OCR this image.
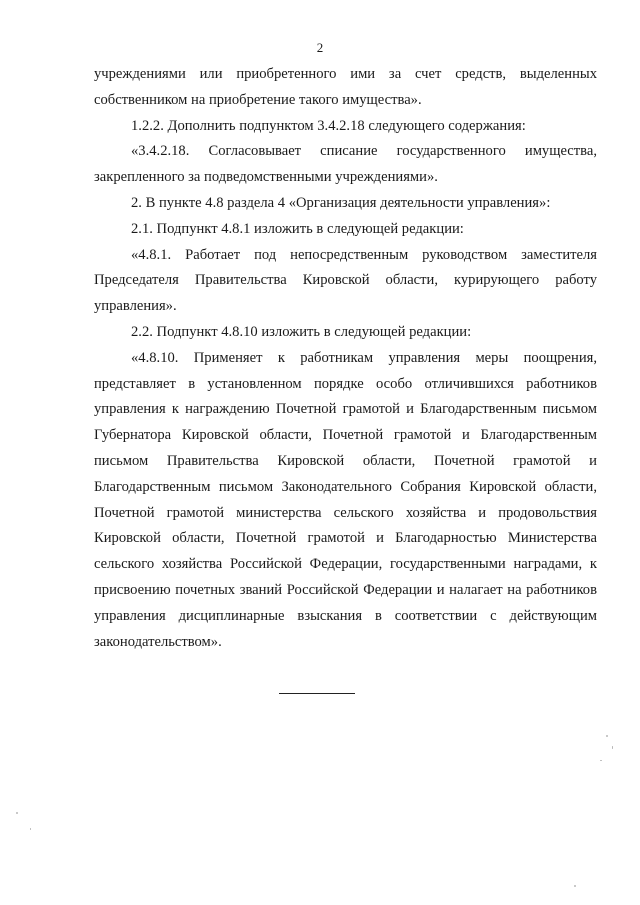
2

учреждениями или приобретенного ими за счет средств, выделенных собственником на приобретение такого имущества».

1.2.2. Дополнить подпунктом 3.4.2.18 следующего содержания:

«3.4.2.18. Согласовывает списание государственного имущества, закрепленного за подведомственными учреждениями».

2. В пункте 4.8 раздела 4 «Организация деятельности управления»:

2.1. Подпункт 4.8.1 изложить в следующей редакции:

«4.8.1. Работает под непосредственным руководством заместителя Председателя Правительства Кировской области, курирующего работу управления».

2.2. Подпункт 4.8.10 изложить в следующей редакции:

«4.8.10. Применяет к работникам управления меры поощрения, представляет в установленном порядке особо отличившихся работников управления к награждению Почетной грамотой и Благодарственным письмом Губернатора Кировской области, Почетной грамотой и Благодарственным письмом Правительства Кировской области, Почетной грамотой и Благодарственным письмом Законодательного Собрания Кировской области, Почетной грамотой министерства сельского хозяйства и продовольствия Кировской области, Почетной грамотой и Благодарностью Министерства сельского хозяйства Российской Федерации, государственными наградами, к присвоению почетных званий Российской Федерации и налагает на работников управления дисциплинарные взыскания в соответствии с действующим законодательством».
